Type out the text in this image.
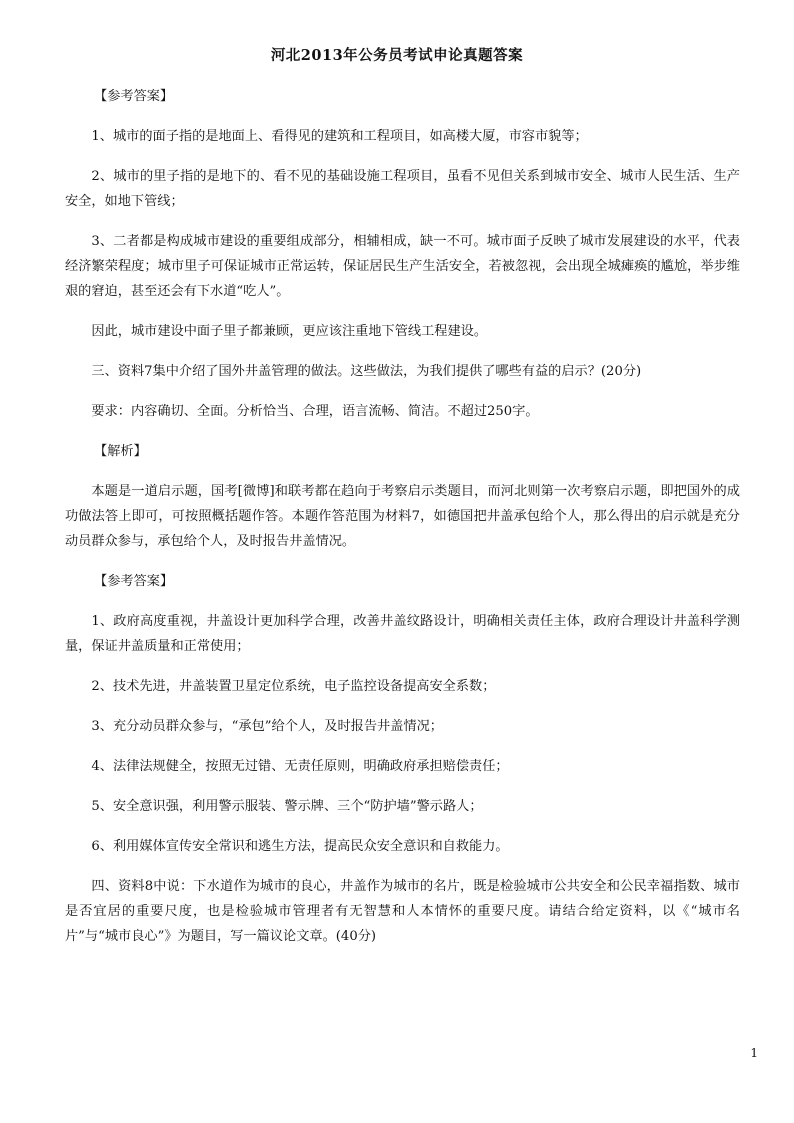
河北2013年公务员考试申论真题答案

【参考答案】

1、城市的面子指的是地面上、看得见的建筑和工程项目，如高楼大厦，市容市貌等；

2、城市的里子指的是地下的、看不见的基础设施工程项目，虽看不见但关系到城市安全、城市人民生活、生产安全，如地下管线；

3、二者都是构成城市建设的重要组成部分，相辅相成，缺一不可。城市面子反映了城市发展建设的水平，代表经济繁荣程度；城市里子可保证城市正常运转，保证居民生产生活安全，若被忽视，会出现全城瘫痪的尴尬，举步维艰的窘迫，甚至还会有下水道“吃人”。

因此，城市建设中面子里子都兼顾，更应该注重地下管线工程建设。

三、资料7集中介绍了国外井盖管理的做法。这些做法，为我们提供了哪些有益的启示？(20分)

要求：内容确切、全面。分析恰当、合理，语言流畅、简洁。不超过250字。

【解析】

本题是一道启示题，国考[微博]和联考都在趋向于考察启示类题目，而河北则第一次考察启示题，即把国外的成功做法答上即可，可按照概括题作答。本题作答范围为材料7，如德国把井盖承包给个人，那么得出的启示就是充分动员群众参与，承包给个人，及时报告井盖情况。

【参考答案】

1、政府高度重视，井盖设计更加科学合理，改善井盖纹路设计，明确相关责任主体，政府合理设计井盖科学测量，保证井盖质量和正常使用；

2、技术先进，井盖装置卫星定位系统，电子监控设备提高安全系数；

3、充分动员群众参与，“承包”给个人，及时报告井盖情况；

4、法律法规健全，按照无过错、无责任原则，明确政府承担赔偿责任；

5、安全意识强，利用警示服装、警示牌、三个“防护墙”警示路人；

6、利用媒体宣传安全常识和逃生方法，提高民众安全意识和自救能力。

四、资料8中说：下水道作为城市的良心，井盖作为城市的名片，既是检验城市公共安全和公民幸福指数、城市是否宜居的重要尺度，也是检验城市管理者有无智慧和人本情怀的重要尺度。请结合给定资料，以《“城市名片”与“城市良心”》为题目，写一篇议论文章。(40分)

1
